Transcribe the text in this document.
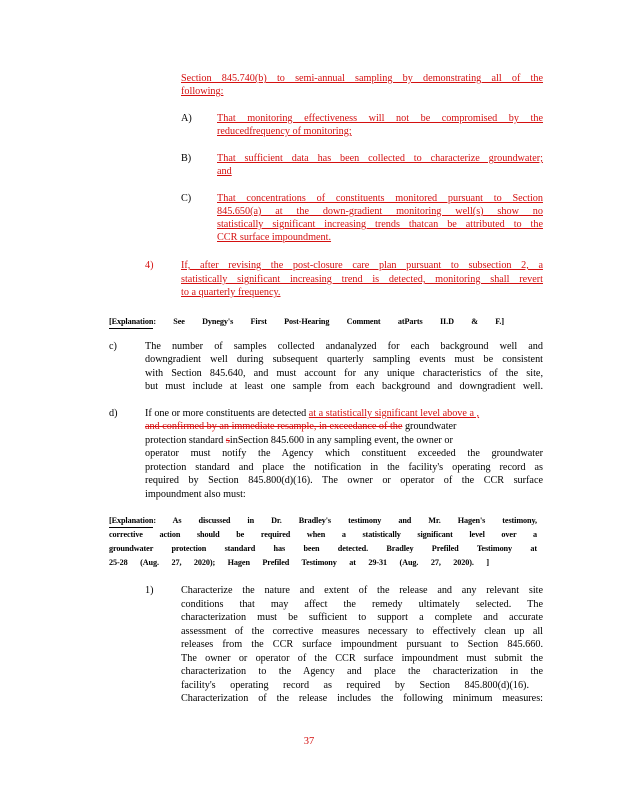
Section 845.740(b) to semi-annual sampling by demonstrating all of the
following:
A) That monitoring effectiveness will not be compromised by the
reducedfrequency of monitoring;
B)	That sufficient data has been collected to characterize groundwater;
and
C)	That concentrations of constituents monitored pursuant to Section
845.650(a) at the down-gradient monitoring well(s) show no
statistically significant increasing trends thatcan be attributed to the
CCR surface impoundment.
4)	If, after revising the post-closure care plan pursuant to subsection 2, a
statistically significant increasing trend is detected, monitoring shall revert
to a quarterly frequency.
[Explanation: See Dynegy's First Post-Hearing Comment atParts II.D & F.]
c)	The number of samples collected andanalyzed for each background well and
downgradient well during subsequent quarterly sampling events must be consistent
with Section 845.640, and must account for any unique characteristics of the site,
but must include at least one sample from each background and downgradient well.
d)	If one or more constituents are detected at a statistically significant level above a ,
and confirmed by an immediate resample, in exceedance of the groundwater
protection standard sinSection 845.600 in any sampling event, the owner or
operator must notify the Agency which constituent exceeded the groundwater
protection standard and place the notification in the facility's operating record as
required by Section 845.800(d)(16). The owner or operator of the CCR surface
impoundment also must:
[Explanation: As discussed in Dr. Bradley's testimony and Mr. Hagen's testimony,
corrective action should be required when a statistically significant level over a
groundwater protection standard has been detected. Bradley Prefiled Testimony at
25-28 (Aug. 27, 2020); Hagen Prefiled Testimony at 29-31 (Aug. 27, 2020). ]
1)	Characterize the nature and extent of the release and any relevant site
conditions that may affect the remedy ultimately selected. The
characterization must be sufficient to support a complete and accurate
assessment of the corrective measures necessary to effectively clean up all
releases from the CCR surface impoundment pursuant to Section 845.660.
The owner or operator of the CCR surface impoundment must submit the
characterization to the Agency and place the characterization in the
facility's operating record as required by Section 845.800(d)(16).
Characterization of the release includes the following minimum measures:
37
